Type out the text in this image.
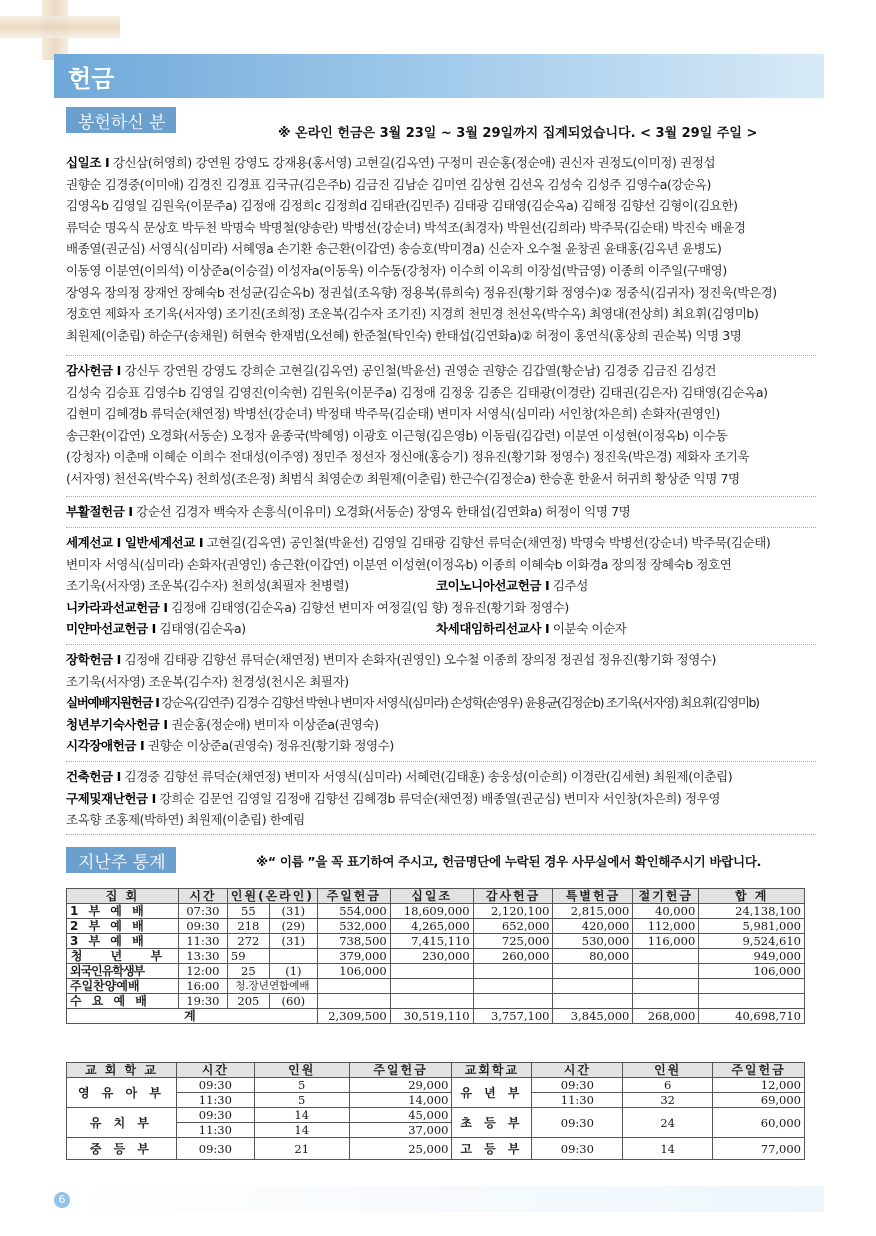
헌금
봉헌하신 분
※ 온라인 헌금은 3월 23일 ~ 3월 29일까지 집계되었습니다. < 3월 29일 주일 >
십일조 I 강신삼(허영희) 강연원 강영도 강재용(홍서영) 고현길(김옥연) 구정미 권순홍(정순애) 권신자 권정도(이미정) 권정섭
권향순 김경중(이미애) 김경진 김경표 김국규(김은주b) 김금진 김남순 김미연 김상현 김선옥 김성숙 김성주 김영수a(강순옥)
김영옥b 김영일 김원욱(이문주a) 김정애 김정희c 김정희d 김태관(김민주) 김태광 김태영(김순옥a) 김해정 김향선 김형이(김요한)
류덕순 명옥식 문상호 박두천 박명숙 박명철(양송란) 박병선(강순녀) 박석조(최경자) 박원선(김희라) 박주묵(김순태) 박진숙 배윤경
배종열(권군심) 서영식(심미라) 서혜영a 손기환 송근환(이갑연) 송승호(박미경a) 신순자 오수철 윤창권 윤태홍(김옥년 윤병도)
이동영 이분연(이의석) 이상준a(이승걸) 이성자a(이동욱) 이수동(강청자) 이수희 이옥희 이장섭(박금영) 이종희 이주일(구매영)
장영옥 장의정 장재언 장혜숙b 전성균(김순옥b) 정권섭(조옥향) 정용복(류희숙) 정유진(황기화 정영수)② 정중식(김귀자) 정진욱(박은경)
정호연 제화자 조기욱(서자영) 조기진(조희정) 조운복(김수자 조기진) 지경희 천민경 천선옥(박수옥) 최영대(전상희) 최요휘(김영미b)
최원제(이춘립) 하순구(송채원) 허현숙 한재범(오선혜) 한준철(탁인숙) 한태섭(김연화a)② 허정이 홍연식(홍상희 권순복) 익명 3명
감사헌금 I 강신두 강연원 강영도 강희순 고현길(김옥연) 공인철(박윤선) 권영순 권향순 김갑열(황순남) 김경중 김금진 김성건
김성숙 김승표 김영수b 김영일 김영진(이숙현) 김원욱(이문주a) 김정애 김정웅 김종은 김태광(이경란) 김태권(김은자) 김태영(김순옥a)
김현미 김혜경b 류덕순(채연정) 박병선(강순녀) 박정태 박주묵(김순태) 변미자 서영식(심미라) 서인창(차은희) 손화자(권영인)
송근환(이갑연) 오경화(서동순) 오정자 윤종국(박혜영) 이광호 이근형(김은영b) 이동림(김갑련) 이분연 이성현(이정옥b) 이수동
(강청자) 이춘매 이혜순 이희수 전대성(이주영) 정민주 정선자 정신애(홍승기) 정유진(황기화 정영수) 정진욱(박은경) 제화자 조기욱
(서자영) 천선옥(박수옥) 천희성(조은정) 최범식 최영순⑦ 최원제(이춘립) 한근수(김정순a) 한승훈 한윤서 허귀희 황상준 익명 7명
부활절헌금 I 강순선 김경자 백숙자 손흥식(이유미) 오경화(서동순) 장영옥 한태섭(김연화a) 허정이 익명 7명
세계선교 I 일반세계선교 I 고현길(김옥연) 공인철(박윤선) 김영일 김태광 김향선 류덕순(채연정) 박명숙 박병선(강순녀) 박주묵(김순태)
변미자 서영식(심미라) 손화자(권영인) 송근환(이갑연) 이분연 이성현(이정옥b) 이종희 이혜숙b 이화경a 장의정 장혜숙b 정호연
조기욱(서자영) 조운복(김수자) 천희성(최필자 천병렬)	코이노니아선교헌금 I 김주성
니카라과선교헌금 I 김정애 김태영(김순옥a) 김향선 변미자 여정길(임 향) 정유진(황기화 정영수)
미얀마선교헌금 I 김태영(김순옥a)	차세대임하리선교사 I 이분숙 이순자
장학헌금 I 김정애 김태광 김향선 류덕순(채연정) 변미자 손화자(권영인) 오수철 이종희 장의정 정권섭 정유진(황기화 정영수)
조기욱(서자영) 조운복(김수자) 천경성(천시온 최필자)
실버예배지원헌금 I 강순옥(김연주) 김경수 김향선 박현나 변미자 서영식(심미라) 손성학(손영우) 윤용균(김정순b) 조기욱(서자영) 최요휘(김영미b)
청년부기숙사헌금 I 권순홍(정순애) 변미자 이상준a(권영숙)
시각장애헌금 I 권향순 이상준a(권영숙) 정유진(황기화 정영수)
건축헌금 I 김경중 김향선 류덕순(채연정) 변미자 서영식(심미라) 서혜련(김태훈) 송웅성(이순희) 이경란(김세현) 최원제(이춘립)
구제및재난헌금 I 강희순 김문언 김영일 김정애 김향선 김혜경b 류덕순(채연정) 배종열(권군심) 변미자 서인창(차은희) 정우영
조옥향 조홍제(박하연) 최원제(이춘립) 한예림
지난주 통계	※“ 이름 ”을 꼭 표기하여 주시고, 헌금명단에 누락된 경우 사무실에서 확인해주시기 바랍니다.
집 회	시간	인원(온라인)		주일헌금	십일조	감사헌금	특별헌금	절기헌금	합 계
1 부 예 배	07:30	55	(31)	554,000	18,609,000	2,120,100	2,815,000	40,000	24,138,100
2 부 예 배	09:30	218	(29)	532,000	4,265,000	652,000	420,000	112,000	5,981,000
3 부 예 배	11:30	272	(31)	738,500	7,415,110	725,000	530,000	116,000	9,524,610
청 년 부	13:30	59		379,000	230,000	260,000	80,000		949,000
외국인유학생부	12:00	25	(1)	106,000					106,000
주일찬양예배	16:00	청.장년연합예배							
수 요 예 배	19:30	205	(60)						
계				2,309,500	30,519,110	3,757,100	3,845,000	268,000	40,698,710
교 회 학 교	시간	인원	주일헌금	교회학교	시간	인원	주일헌금
영 유 아 부	09:30	5	29,000	유 년 부	09:30	6	12,000
	11:30	5	14,000		11:30	32	69,000
유 치 부	09:30	14	45,000	초 등 부	09:30	24	60,000
	11:30	14	37,000				
중 등 부	09:30	21	25,000	고 등 부	09:30	14	77,000
6
